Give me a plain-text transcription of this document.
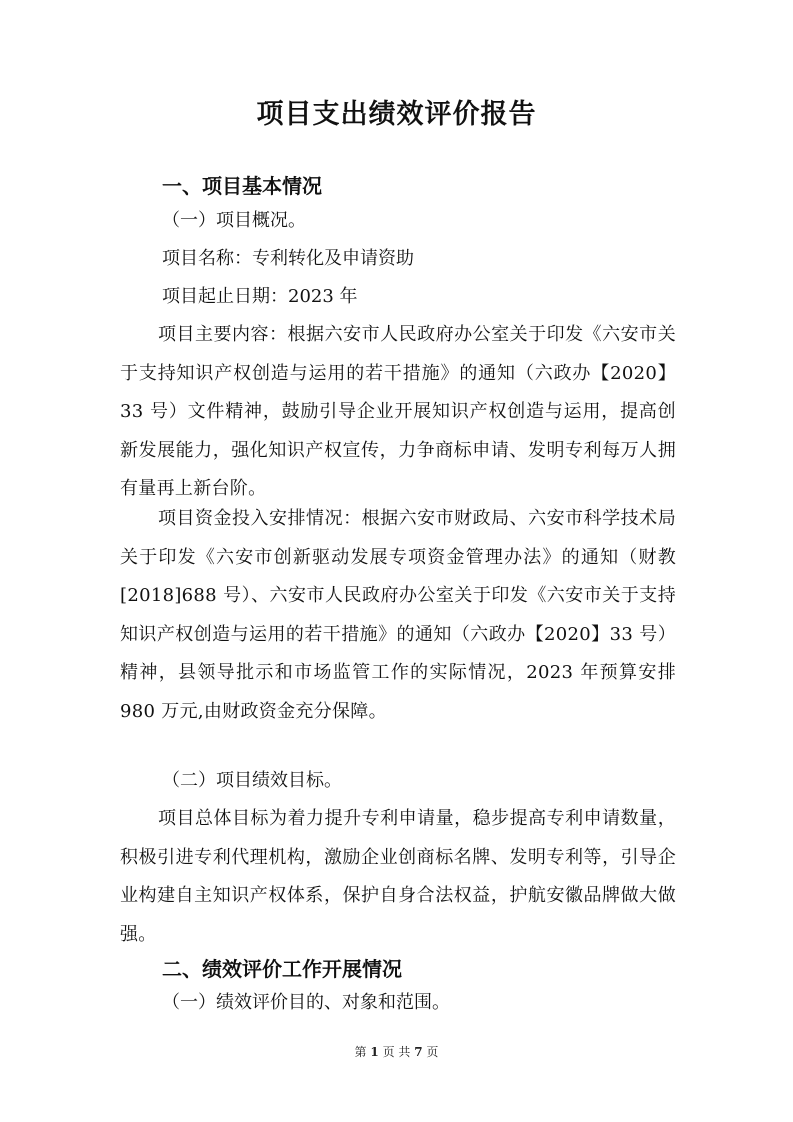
项目支出绩效评价报告
一、项目基本情况
（一）项目概况。
项目名称：专利转化及申请资助
项目起止日期：2023 年
项目主要内容：根据六安市人民政府办公室关于印发《六安市关于支持知识产权创造与运用的若干措施》的通知（六政办【2020】33 号）文件精神，鼓励引导企业开展知识产权创造与运用，提高创新发展能力，强化知识产权宣传，力争商标申请、发明专利每万人拥有量再上新台阶。
项目资金投入安排情况：根据六安市财政局、六安市科学技术局关于印发《六安市创新驱动发展专项资金管理办法》的通知（财教[2018]688 号）、六安市人民政府办公室关于印发《六安市关于支持知识产权创造与运用的若干措施》的通知（六政办【2020】33 号）精神，县领导批示和市场监管工作的实际情况，2023 年预算安排 980 万元,由财政资金充分保障。
（二）项目绩效目标。
项目总体目标为着力提升专利申请量，稳步提高专利申请数量，积极引进专利代理机构，激励企业创商标名牌、发明专利等，引导企业构建自主知识产权体系，保护自身合法权益，护航安徽品牌做大做强。
二、绩效评价工作开展情况
（一）绩效评价目的、对象和范围。
第 1 页 共 7 页
